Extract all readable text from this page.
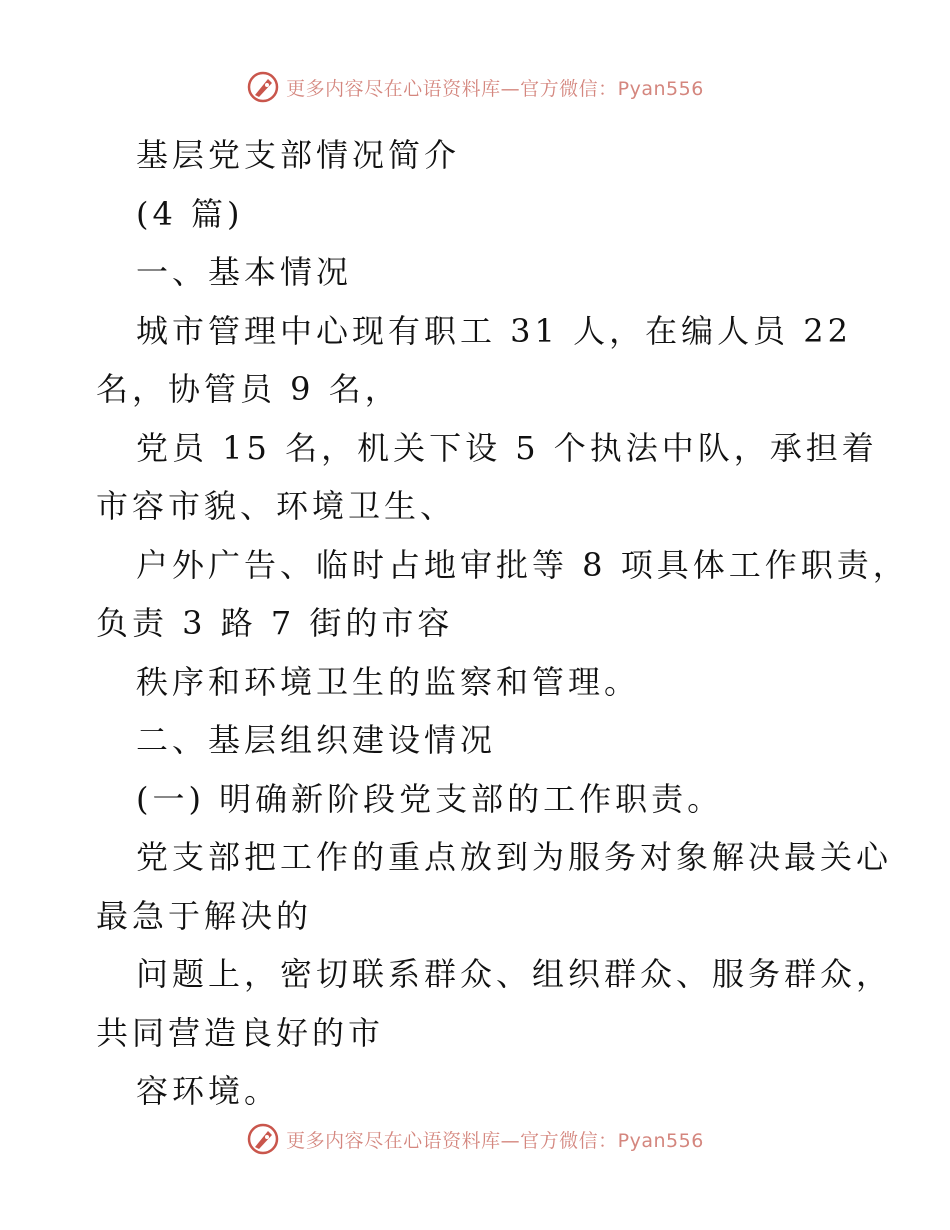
更多内容尽在心语资料库—官方微信：Pyan556
基层党支部情况简介
(4 篇)
一、基本情况
城市管理中心现有职工 31 人，在编人员 22
名，协管员 9 名，
党员 15 名，机关下设 5 个执法中队，承担着
市容市貌、环境卫生、
户外广告、临时占地审批等 8 项具体工作职责，
负责 3 路 7 街的市容
秩序和环境卫生的监察和管理。
二、基层组织建设情况
(一) 明确新阶段党支部的工作职责。
党支部把工作的重点放到为服务对象解决最关心
最急于解决的
问题上，密切联系群众、组织群众、服务群众，
共同营造良好的市
容环境。
更多内容尽在心语资料库—官方微信：Pyan556
